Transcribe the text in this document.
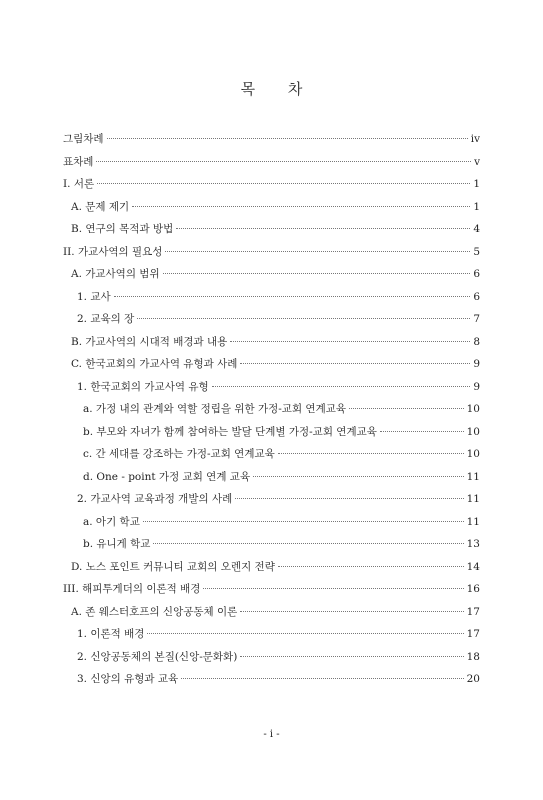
목 차
그림차례	ⅳ
표차례	ⅴ
I. 서론	1
A. 문제 제기	1
B. 연구의 목적과 방법	4
II. 가교사역의 필요성	5
A. 가교사역의 범위	6
1. 교사	6
2. 교육의 장	7
B. 가교사역의 시대적 배경과 내용	8
C. 한국교회의 가교사역 유형과 사례	9
1. 한국교회의 가교사역 유형	9
a. 가정 내의 관계와 역할 정립을 위한 가정-교회 연계교육	10
b. 부모와 자녀가 함께 참여하는 발달 단계별 가정-교회 연계교육	10
c. 간 세대를 강조하는 가정-교회 연계교육	10
d. One - point 가정 교회 연계 교육	11
2. 가교사역 교육과정 개발의 사례	11
a. 아기 학교	11
b. 유니게 학교	13
D. 노스 포인트 커뮤니티 교회의 오렌지 전략	14
III. 해피투게더의 이론적 배경	16
A. 존 웨스터호프의 신앙공동체 이론	17
1. 이론적 배경	17
2. 신앙공동체의 본질(신앙-문화화)	18
3. 신앙의 유형과 교육	20
- i -
